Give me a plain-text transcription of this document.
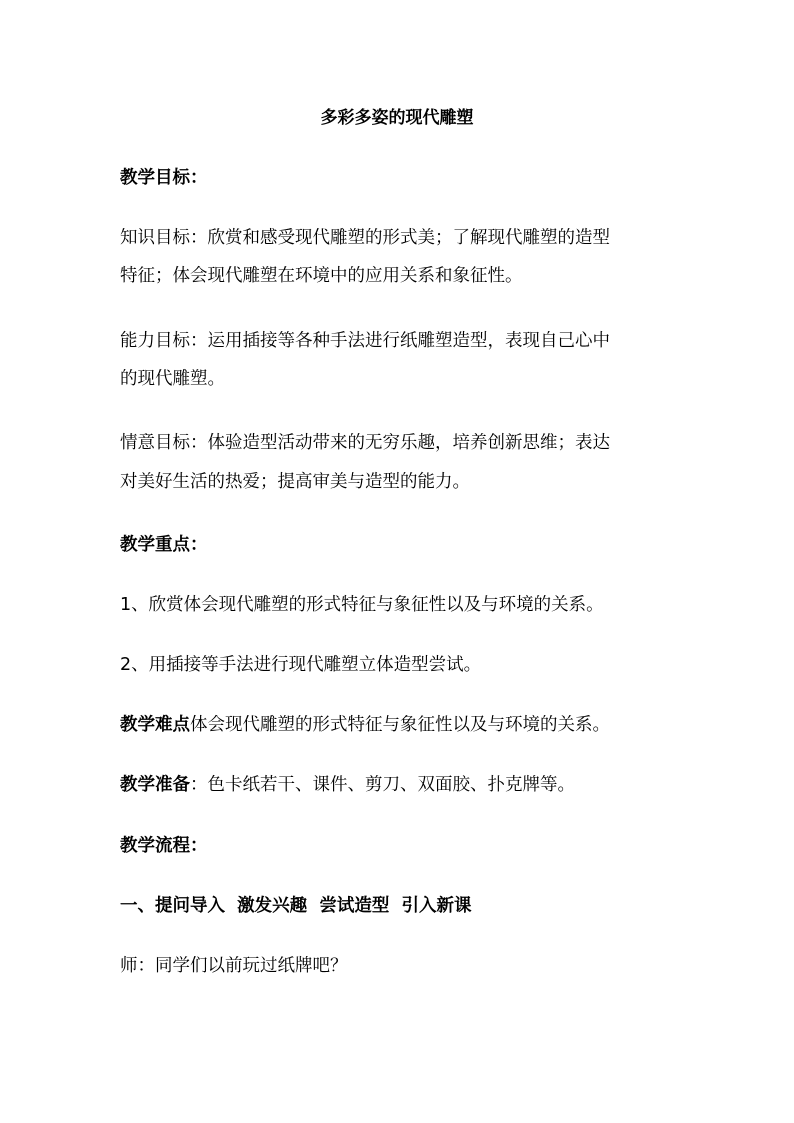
多彩多姿的现代雕塑
教学目标：
知识目标：欣赏和感受现代雕塑的形式美；了解现代雕塑的造型
特征；体会现代雕塑在环境中的应用关系和象征性。
能力目标：运用插接等各种手法进行纸雕塑造型，表现自己心中
的现代雕塑。
情意目标：体验造型活动带来的无穷乐趣，培养创新思维；表达
对美好生活的热爱；提高审美与造型的能力。
教学重点：
1、欣赏体会现代雕塑的形式特征与象征性以及与环境的关系。
2、用插接等手法进行现代雕塑立体造型尝试。
教学难点体会现代雕塑的形式特征与象征性以及与环境的关系。
教学准备：色卡纸若干、课件、剪刀、双面胶、扑克牌等。
教学流程：
一、提问导入  激发兴趣  尝试造型  引入新课
师：同学们以前玩过纸牌吧？
